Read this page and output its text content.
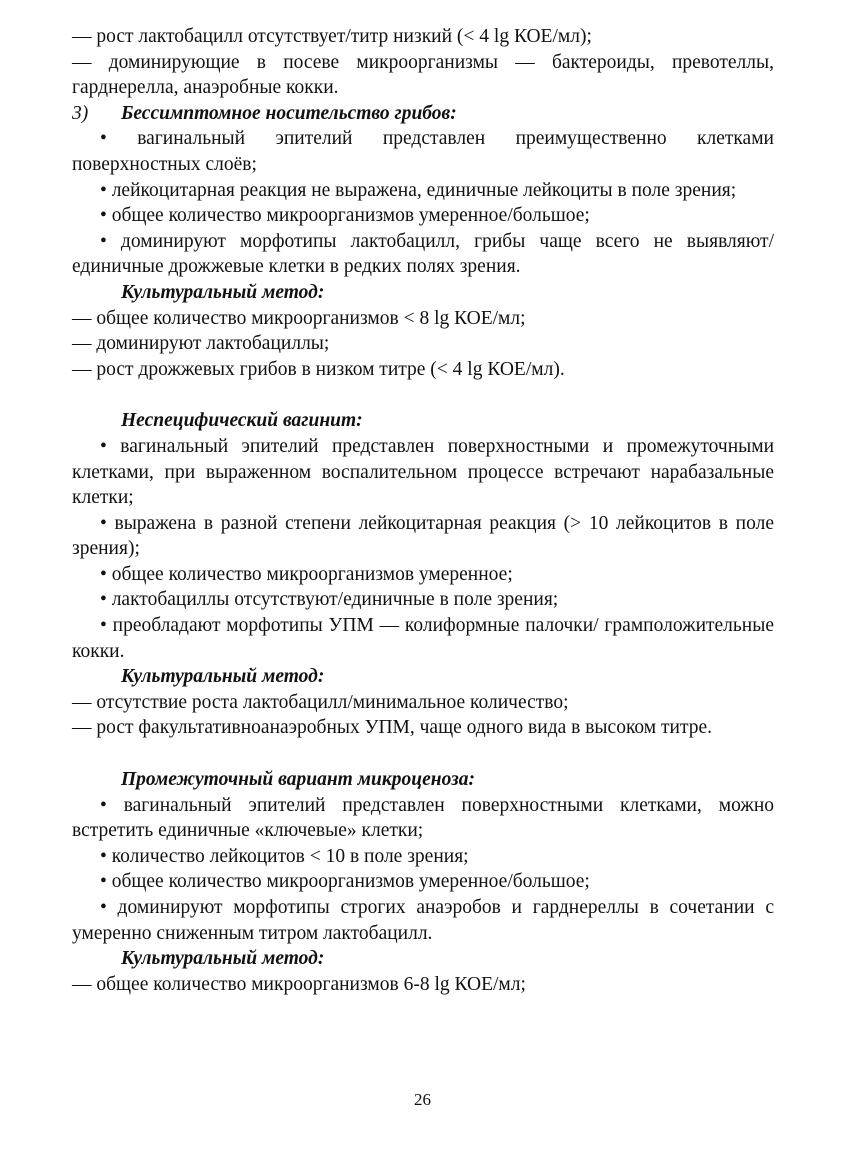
— рост лактобацилл отсутствует/титр низкий (< 4 lg КОЕ/мл);

— доминирующие в посеве микроорганизмы — бактероиды, превотеллы, гарднерелла, анаэробные кокки.

3) Бессимптомное носительство грибов:

• вагинальный эпителий представлен преимущественно клетками поверхностных слоёв;

• лейкоцитарная реакция не выражена, единичные лейкоциты в поле зрения;

• общее количество микроорганизмов умеренное/большое;

• доминируют морфотипы лактобацилл, грибы чаще всего не выявляют/единичные дрожжевые клетки в редких полях зрения.

Культуральный метод:

— общее количество микроорганизмов < 8 lg КОЕ/мл;

— доминируют лактобациллы;

— рост дрожжевых грибов в низком титре (< 4 lg КОЕ/мл).

Неспецифический вагинит:

• вагинальный эпителий представлен поверхностными и промежуточными клетками, при выраженном воспалительном процессе встречают нарабазальные клетки;

• выражена в разной степени лейкоцитарная реакция (> 10 лейкоцитов в поле зрения);

• общее количество микроорганизмов умеренное;

• лактобациллы отсутствуют/единичные в поле зрения;

• преобладают морфотипы УПМ — колиформные палочки/ грамположительные кокки.

Культуральный метод:

— отсутствие роста лактобацилл/минимальное количество;

— рост факультативноанаэробных УПМ, чаще одного вида в высоком титре.

Промежуточный вариант микроценоза:

• вагинальный эпителий представлен поверхностными клетками, можно встретить единичные «ключевые» клетки;

• количество лейкоцитов < 10 в поле зрения;

• общее количество микроорганизмов умеренное/большое;

• доминируют морфотипы строгих анаэробов и гарднереллы в сочетании с умеренно сниженным титром лактобацилл.

Культуральный метод:

— общее количество микроорганизмов 6-8 lg КОЕ/мл;

26
